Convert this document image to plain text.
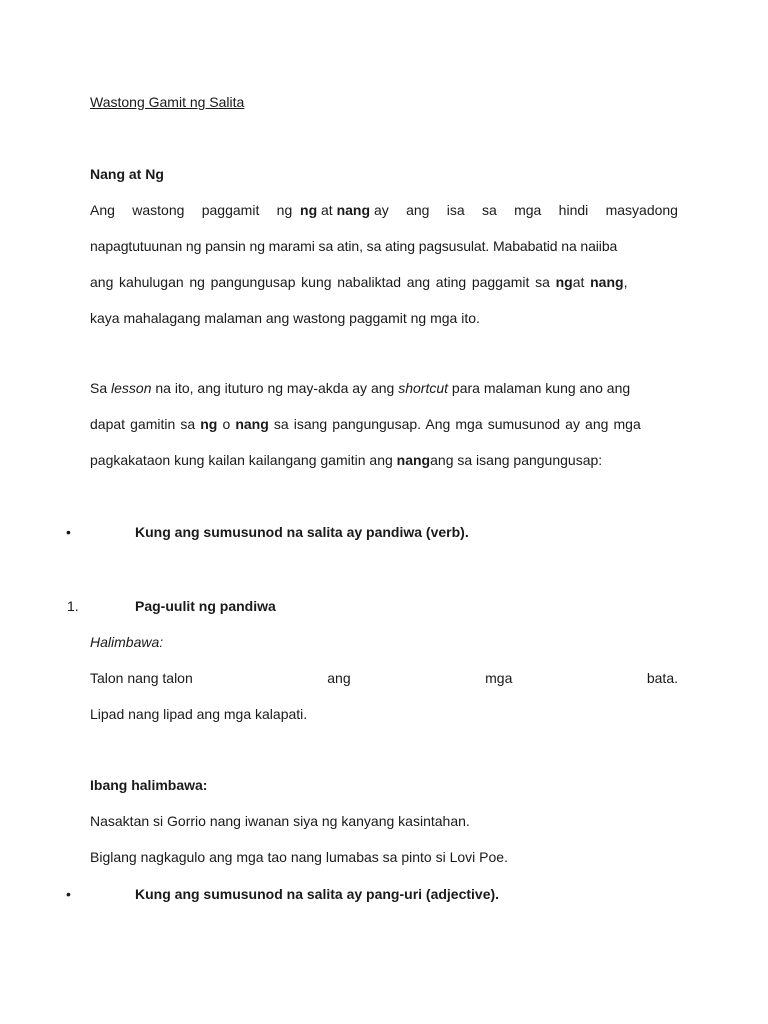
Wastong Gamit ng Salita
Nang at Ng
Ang wastong paggamit ng ng at nang ay ang isa sa mga hindi masyadong
napagtutuunan ng pansin ng marami sa atin, sa ating pagsusulat. Mababatid na naiiba
ang kahulugan ng pangungusap kung nabaliktad ang ating paggamit sa ngat nang,
kaya mahalagang malaman ang wastong paggamit ng mga ito.
Sa lesson na ito, ang ituturo ng may-akda ay ang shortcut para malaman kung ano ang
dapat gamitin sa ng o nang sa isang pangungusap. Ang mga sumusunod ay ang mga
pagkakataon kung kailan kailangang gamitin ang nangang sa isang pangungusap:
•	Kung ang sumusunod na salita ay pandiwa (verb).
1.	Pag-uulit ng pandiwa
Halimbawa:
Talon nang talon	ang	mga	bata.
Lipad nang lipad ang mga kalapati.
Ibang halimbawa:
Nasaktan si Gorrio nang iwanan siya ng kanyang kasintahan.
Biglang nagkagulo ang mga tao nang lumabas sa pinto si Lovi Poe.
•	Kung ang sumusunod na salita ay pang-uri (adjective).
